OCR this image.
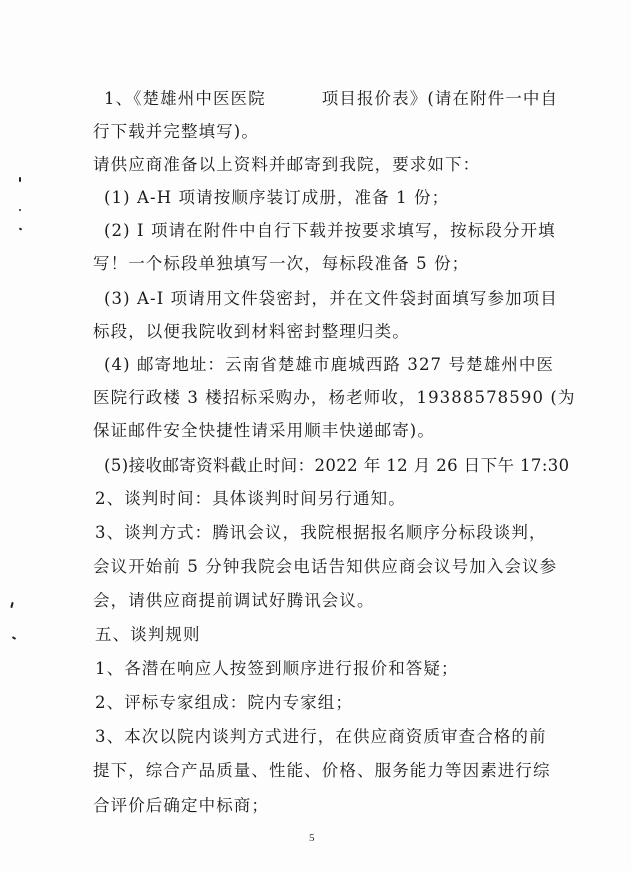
1、《楚雄州中医医院	项目报价表》(请在附件一中自
行下载并完整填写)。
请供应商准备以上资料并邮寄到我院，要求如下：
(1) A-H 项请按顺序装订成册，准备 1 份；
(2) I 项请在附件中自行下载并按要求填写，按标段分开填
写！一个标段单独填写一次，每标段准备 5 份；
(3) A-I 项请用文件袋密封，并在文件袋封面填写参加项目
标段，以便我院收到材料密封整理归类。
(4) 邮寄地址：云南省楚雄市鹿城西路 327 号楚雄州中医
医院行政楼 3 楼招标采购办，杨老师收，19388578590 (为
保证邮件安全快捷性请采用顺丰快递邮寄)。
(5)接收邮寄资料截止时间：2022 年 12 月 26 日下午 17:30
2、谈判时间：具体谈判时间另行通知。
3、谈判方式：腾讯会议，我院根据报名顺序分标段谈判，
会议开始前 5 分钟我院会电话告知供应商会议号加入会议参
会，请供应商提前调试好腾讯会议。
五、谈判规则
1、各潜在响应人按签到顺序进行报价和答疑；
2、评标专家组成：院内专家组；
3、本次以院内谈判方式进行，在供应商资质审查合格的前
提下，综合产品质量、性能、价格、服务能力等因素进行综
合评价后确定中标商；
5
